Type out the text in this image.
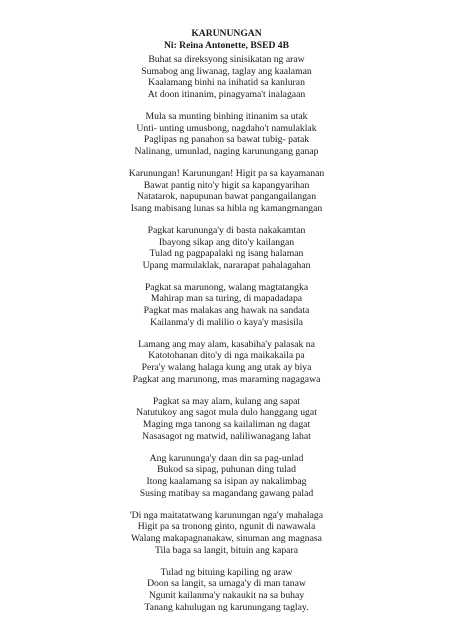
KARUNUNGAN
Ni: Reina Antonette, BSED 4B
Buhat sa direksyong sinisikatan ng araw
Sumabog ang liwanag, taglay ang kaalaman
Kaalamang binhi na inihatid sa kanluran
At doon itinanim, pinagyama't inalagaan
Mula sa munting binhing itinanim sa utak
Unti- unting umusbong, nagdaho't namulaklak
Paglipas ng panahon sa bawat tubig- patak
Nalinang, umunlad, naging karunungang ganap
Karunungan! Karunungan! Higit pa sa kayamanan
Bawat pantig nito'y higit sa kapangyarihan
Natatarok, napupunan bawat pangangailangan
Isang mabisang lunas sa hibla ng kamangmangan
Pagkat karununga'y di basta nakakamtan
Ibayong sikap ang dito'y kailangan
Tulad ng pagpapalaki ng isang halaman
Upang mamulaklak, nararapat pahalagahan
Pagkat sa marunong, walang magtatangka
Mahirap man sa turing, di mapadadapa
Pagkat mas malakas ang hawak na sandata
Kailanma'y di malilio o kaya'y masisila
Lamang ang may alam, kasabiha'y palasak na
Katotohanan dito'y di nga maikakaila pa
Pera'y walang halaga kung ang utak ay biya
Pagkat ang marunong, mas maraming nagagawa
Pagkat sa may alam, kulang ang sapat
Natutukoy ang sagot mula dulo hanggang ugat
Maging mga tanong sa kailaliman ng dagat
Nasasagot ng matwid, naliliwanagang lahat
Ang karununga'y daan din sa pag-unlad
Bukod sa sipag, puhunan ding tulad
Itong kaalamang sa isipan ay nakalimbag
Susing matibay sa magandang gawang palad
'Di nga maitatatwang karunungan nga'y mahalaga
Higit pa sa tronong ginto, ngunit di nawawala
Walang makapagnanakaw, sinuman ang magnasa
Tila baga sa langit, bituin ang kapara
Tulad ng bituing kapiling ng araw
Doon sa langit, sa umaga'y di man tanaw
Ngunit kailanma'y nakaukit na sa buhay
Tanang kahulugan ng karunungang taglay.
